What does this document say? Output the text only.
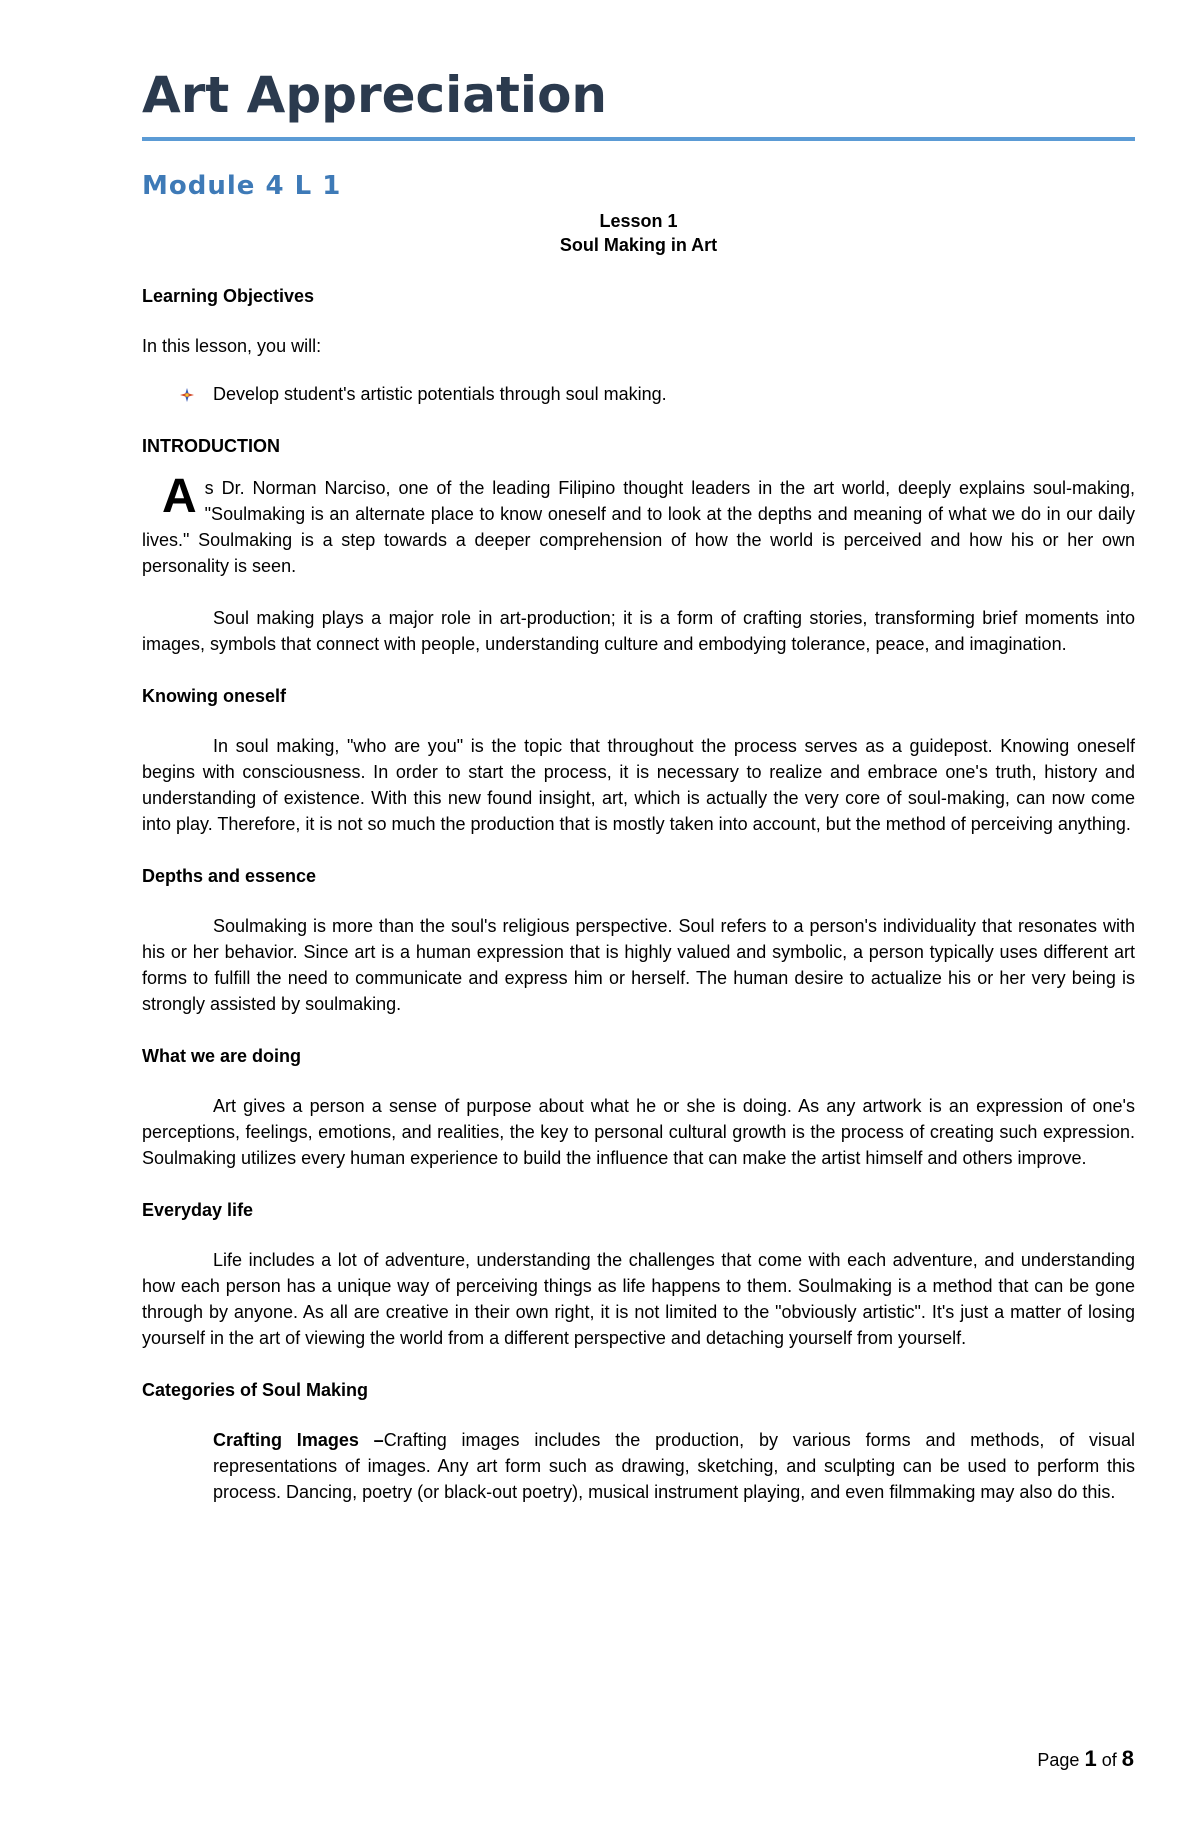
Art Appreciation
Module 4 L 1

Lesson 1

Soul Making in Art

Learning Objectives

In this lesson, you will:

Develop student's artistic potentials through soul making.
INTRODUCTION

A s Dr. Norman Narciso, one of the leading Filipino thought leaders in the art world, deeply explains soul-making, "Soulmaking is an alternate place to know oneself and to look at the depths and meaning of what we do in our daily lives." Soulmaking is a step towards a deeper comprehension of how the world is perceived and how his or her own personality is seen.

Soul making plays a major role in art-production; it is a form of crafting stories, transforming brief moments into images, symbols that connect with people, understanding culture and embodying tolerance, peace, and imagination.

Knowing oneself

In soul making, "who are you" is the topic that throughout the process serves as a guidepost. Knowing oneself begins with consciousness. In order to start the process, it is necessary to realize and embrace one's truth, history and understanding of existence. With this new found insight, art, which is actually the very core of soul-making, can now come into play. Therefore, it is not so much the production that is mostly taken into account, but the method of perceiving anything.

Depths and essence

Soulmaking is more than the soul's religious perspective. Soul refers to a person's individuality that resonates with his or her behavior. Since art is a human expression that is highly valued and symbolic, a person typically uses different art forms to fulfill the need to communicate and express him or herself. The human desire to actualize his or her very being is strongly assisted by soulmaking.

What we are doing

Art gives a person a sense of purpose about what he or she is doing. As any artwork is an expression of one's perceptions, feelings, emotions, and realities, the key to personal cultural growth is the process of creating such expression. Soulmaking utilizes every human experience to build the influence that can make the artist himself and others improve.

Everyday life

Life includes a lot of adventure, understanding the challenges that come with each adventure, and understanding how each person has a unique way of perceiving things as life happens to them. Soulmaking is a method that can be gone through by anyone. As all are creative in their own right, it is not limited to the "obviously artistic". It's just a matter of losing yourself in the art of viewing the world from a different perspective and detaching yourself from yourself.

Categories of Soul Making

Crafting Images –Crafting images includes the production, by various forms and methods, of visual representations of images. Any art form such as drawing, sketching, and sculpting can be used to perform this process. Dancing, poetry (or black-out poetry), musical instrument playing, and even filmmaking may also do this.

Page 1 of 8
